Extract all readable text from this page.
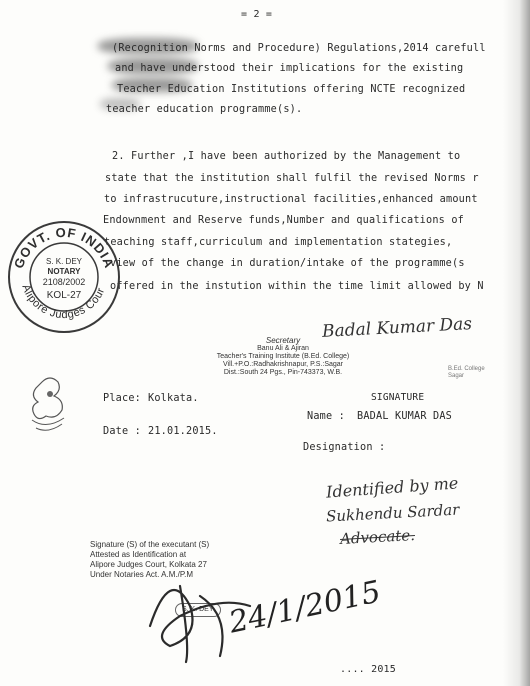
= 2 =
(Recognition Norms and Procedure) Regulations,2014 carefull
and have understood their implications for the existing
Teacher Education Institutions offering NCTE recognized
teacher education programme(s).
2. Further ,I have been authorized by the Management to
state that the institution shall fulfil the revised Norms r
to infrastrucuture,instructional facilities,enhanced amount
Endownment and Reserve funds,Number and qualifications of
teaching staff,curriculum and implementation stategies,
view of the change in duration/intake of the programme(s
offered in the instution within the time limit allowed by N
GOVT. OF INDIA
Alipore Judges Cour
S. K. DEY
NOTARY
2108/2002
KOL-27
Badal Kumar Das
Secretary
Banu Ali & Ajiran
Teacher's Training Institute (B.Ed. College)
Vill.+P.O.:Radhakrishnapur, P.S.:Sagar
Dist.:South 24 Pgs., Pin-743373, W.B.	B.Ed. College
Sagar
SIGNATURE
Place: Kolkata.
Date : 21.01.2015.
Name : BADAL KUMAR DAS
Designation :
Identified by me
Sukhendu Sardar
Advocate.
Signature (S) of the executant (S)
Attested as Identification at
Alipore Judges Court, Kolkata 27
Under Notaries Act. A.M./P.M
S. K. DEY 24/1/2015
.... 2015
